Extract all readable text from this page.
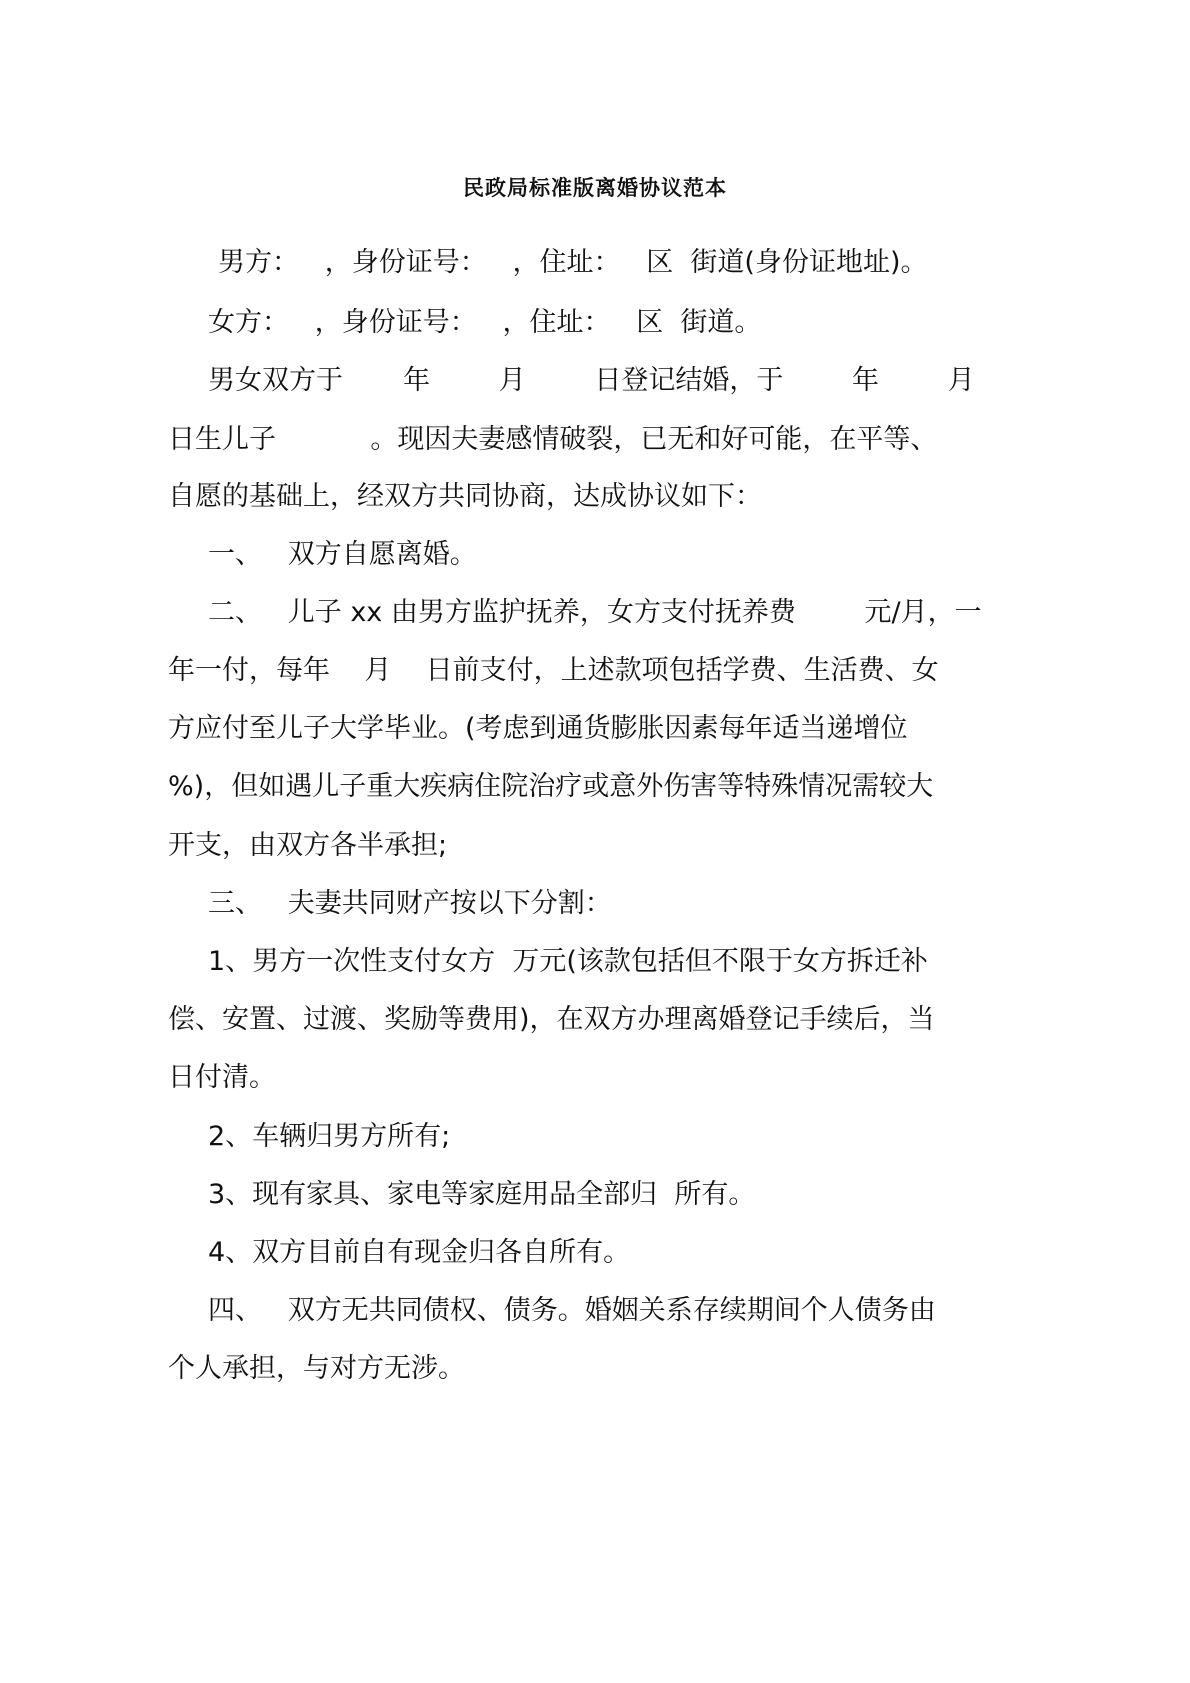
民政局标准版离婚协议范本
男方：   ，身份证号：   ，住址：   区  街道(身份证地址)。
女方：   ，身份证号：   ，住址：   区  街道。
男女双方于       年        月        日登记结婚，于        年        月
日生儿子           。现因夫妻感情破裂，已无和好可能，在平等、
自愿的基础上，经双方共同协商，达成协议如下：
一、   双方自愿离婚。
二、   儿子 xx 由男方监护抚养，女方支付抚养费        元/月，一
年一付，每年    月    日前支付，上述款项包括学费、生活费、女
方应付至儿子大学毕业。(考虑到通货膨胀因素每年适当递增位
%)，但如遇儿子重大疾病住院治疗或意外伤害等特殊情况需较大
开支，由双方各半承担;
三、   夫妻共同财产按以下分割：
1、男方一次性支付女方  万元(该款包括但不限于女方拆迁补
偿、安置、过渡、奖励等费用)，在双方办理离婚登记手续后，当
日付清。
2、车辆归男方所有;
3、现有家具、家电等家庭用品全部归  所有。
4、双方目前自有现金归各自所有。
四、   双方无共同债权、债务。婚姻关系存续期间个人债务由
个人承担，与对方无涉。
